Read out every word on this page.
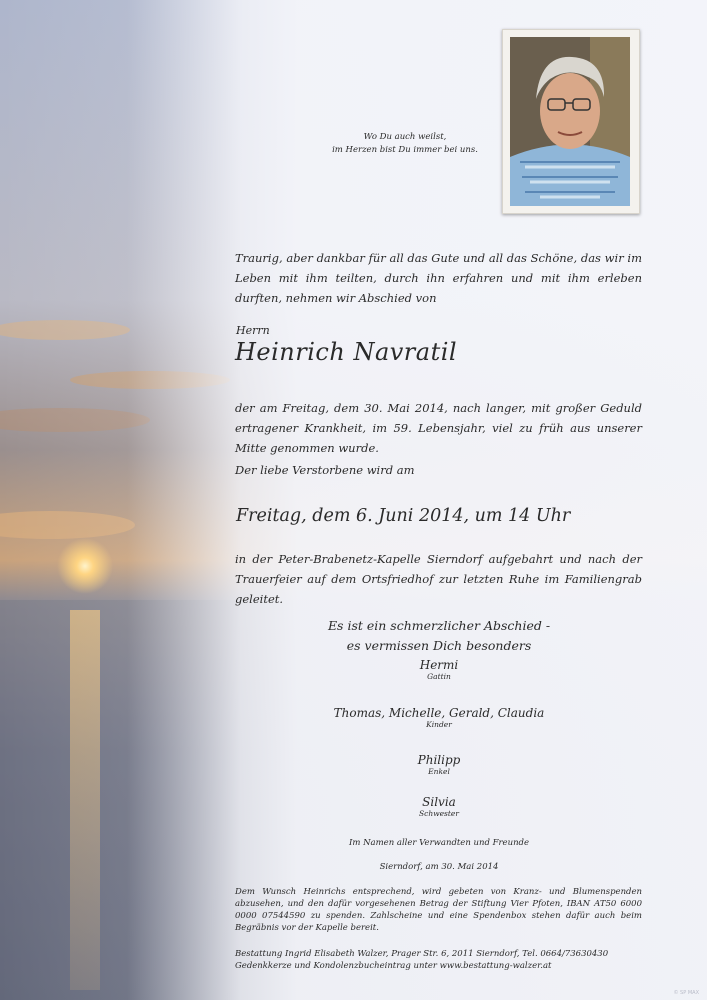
Wo Du auch weilst,
im Herzen bist Du immer bei uns.
Traurig, aber dankbar für all das Gute und all das Schöne, das wir im Leben mit ihm teilten, durch ihn erfahren und mit ihm erleben durften, nehmen wir Abschied von
Herrn
Heinrich Navratil
der am Freitag, dem 30. Mai 2014, nach langer, mit großer Geduld ertragener Krankheit, im 59. Lebensjahr, viel zu früh aus unserer Mitte genommen wurde.
Der liebe Verstorbene wird am
Freitag, dem 6. Juni 2014, um 14 Uhr
in der Peter-Brabenetz-Kapelle Sierndorf aufgebahrt und nach der Trauerfeier auf dem Ortsfriedhof zur letzten Ruhe im Familiengrab geleitet.
Es ist ein schmerzlicher Abschied -
es vermissen Dich besonders
Hermi
Gattin
Thomas, Michelle, Gerald, Claudia
Kinder
Philipp
Enkel
Silvia
Schwester
Im Namen aller Verwandten und Freunde
Sierndorf, am 30. Mai 2014
Dem Wunsch Heinrichs entsprechend, wird gebeten von Kranz- und Blumenspenden abzusehen, und den dafür vorgesehenen Betrag der Stiftung Vier Pfoten, IBAN AT50 6000 0000 07544590 zu spenden. Zahlscheine und eine Spendenbox stehen dafür auch beim Begräbnis vor der Kapelle bereit.
Bestattung Ingrid Elisabeth Walzer, Prager Str. 6, 2011 Sierndorf, Tel. 0664/73630430
Gedenkkerze und Kondolenzbucheintrag unter www.bestattung-walzer.at
© SP MAX
